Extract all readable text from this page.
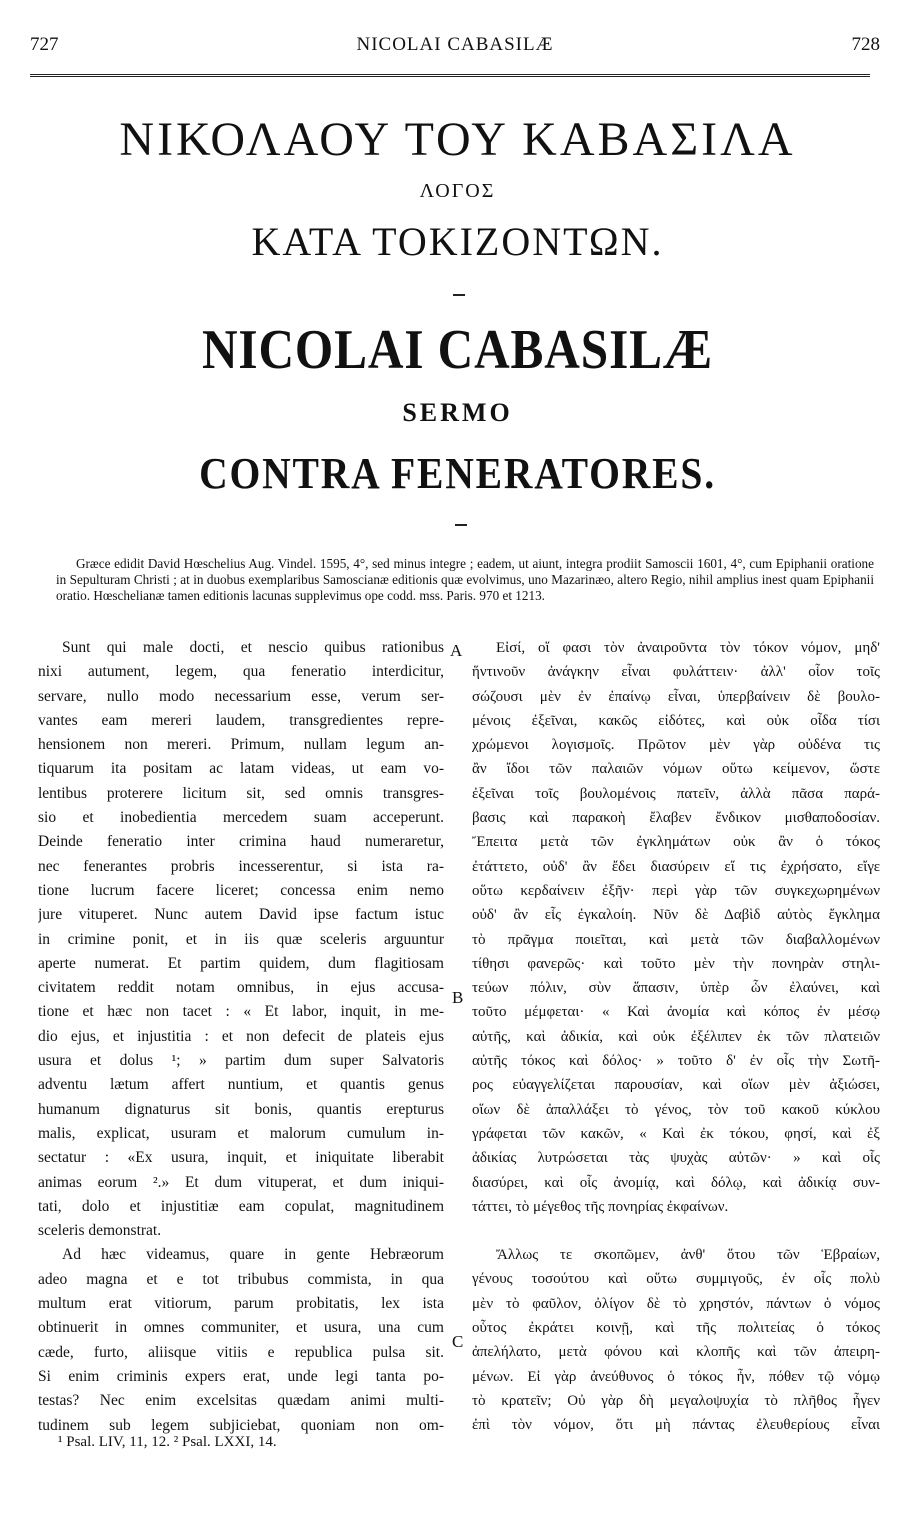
727	NICOLAI CABASILÆ	728
ΝΙΚΟΛΑΟΥ ΤΟΥ ΚΑΒΑΣΙΛΑ
ΛΟΓΟΣ
ΚΑΤΑ ΤΟΚΙΖΟΝΤΩΝ.
NICOLAI CABASILÆ
SERMO
CONTRA FENERATORES.
Græce edidit David Hœschelius Aug. Vindel. 1595, 4°, sed minus integre ; eadem, ut aiunt, integra prodiit Samoscii 1601, 4°, cum Epiphanii oratione in Sepulturam Christi ; at in duobus exemplaribus Samoscianæ editionis quæ evolvimus, uno Mazarinæo, altero Regio, nihil amplius inest quam Epiphanii oratio. Hœschelianæ tamen editionis lacunas supplevimus ope codd. mss. Paris. 970 et 1213.
Sunt qui male docti, et nescio quibus rationibus
nixi autument, legem, qua feneratio interdicitur,
servare, nullo modo necessarium esse, verum ser-
vantes eam mereri laudem, transgredientes repre-
hensionem non mereri. Primum, nullam legum an-
tiquarum ita positam ac latam videas, ut eam vo-
lentibus proterere licitum sit, sed omnis transgres-
sio et inobedientia mercedem suam acceperunt.
Deinde feneratio inter crimina haud numeraretur,
nec fenerantes probris incesserentur, si ista ra-
tione lucrum facere liceret; concessa enim nemo
jure vituperet. Nunc autem David ipse factum istuc
in crimine ponit, et in iis quæ sceleris arguuntur
aperte numerat. Et partim quidem, dum flagitiosam
civitatem reddit notam omnibus, in ejus accusa-
tione et hæc non tacet : « Et labor, inquit, in me-
dio ejus, et injustitia : et non defecit de plateis ejus
usura et dolus ¹; » partim dum super Salvatoris
adventu lætum affert nuntium, et quantis genus
humanum dignaturus sit bonis, quantis erepturus
malis, explicat, usuram et malorum cumulum in-
sectatur : «Ex usura, inquit, et iniquitate liberabit
animas eorum ².» Et dum vituperat, et dum iniqui-
tati, dolo et injustitiæ eam copulat, magnitudinem
sceleris demonstrat.
Ad hæc videamus, quare in gente Hebræorum
adeo magna et e tot tribubus commista, in qua
multum erat vitiorum, parum probitatis, lex ista
obtinuerit in omnes communiter, et usura, una cum
cæde, furto, aliisque vitiis e republica pulsa sit.
Si enim criminis expers erat, unde legi tanta po-
testas? Nec enim excelsitas quædam animi multi-
tudinem sub legem subjiciebat, quoniam non om-
A
B
C
Εἰσί, οἵ φασι τὸν ἀναιροῦντα τὸν τόκον νόμον, μηδ'
ἥντινοῦν ἀνάγκην εἶναι φυλάττειν· ἀλλ' οἷον τοῖς
σώζουσι μὲν ἐν ἐπαίνῳ εἶναι, ὑπερβαίνειν δὲ βουλο-
μένοις ἐξεῖναι, κακῶς εἰδότες, καὶ οὐκ οἶδα τίσι
χρώμενοι λογισμοῖς. Πρῶτον μὲν γὰρ οὐδένα τις
ἂν ἴδοι τῶν παλαιῶν νόμων οὕτω κείμενον, ὥστε
ἐξεῖναι τοῖς βουλομένοις πατεῖν, ἀλλὰ πᾶσα παρά-
βασις καὶ παρακοὴ ἔλαβεν ἔνδικον μισθαποδοσίαν.
Ἔπειτα μετὰ τῶν ἐγκλημάτων οὐκ ἂν ὁ τόκος
ἐτάττετο, οὐδ' ἂν ἔδει διασύρειν εἴ τις ἐχρήσατο, εἴγε
οὕτω κερδαίνειν ἐξῆν· περὶ γὰρ τῶν συγκεχωρημένων
οὐδ' ἂν εἷς ἐγκαλοίη. Νῦν δὲ Δαβὶδ αὐτὸς ἔγκλημα
τὸ πρᾶγμα ποιεῖται, καὶ μετὰ τῶν διαβαλλομένων
τίθησι φανερῶς· καὶ τοῦτο μὲν τὴν πονηρὰν στηλι-
τεύων πόλιν, σὺν ἅπασιν, ὑπὲρ ὧν ἐλαύνει, καὶ
τοῦτο μέμφεται· « Καὶ ἀνομία καὶ κόπος ἐν μέσῳ
αὐτῆς, καὶ ἀδικία, καὶ οὐκ ἐξέλιπεν ἐκ τῶν πλατειῶν
αὐτῆς τόκος καὶ δόλος· » τοῦτο δ' ἐν οἷς τὴν Σωτῆ-
ρος εὐαγγελίζεται παρουσίαν, καὶ οἵων μὲν ἀξιώσει,
οἵων δὲ ἀπαλλάξει τὸ γένος, τὸν τοῦ κακοῦ κύκλου
γράφεται τῶν κακῶν, « Καὶ ἐκ τόκου, φησί, καὶ ἐξ
ἀδικίας λυτρώσεται τὰς ψυχὰς αὐτῶν· » καὶ οἷς
διασύρει, καὶ οἷς ἀνομίᾳ, καὶ δόλῳ, καὶ ἀδικίᾳ συν-
τάττει, τὸ μέγεθος τῆς πονηρίας ἐκφαίνων.
Ἄλλως τε σκοπῶμεν, ἀνθ' ὅτου τῶν Ἑβραίων,
γένους τοσούτου καὶ οὕτω συμμιγοῦς, ἐν οἷς πολὺ
μὲν τὸ φαῦλον, ὀλίγον δὲ τὸ χρηστόν, πάντων ὁ νόμος
οὗτος ἐκράτει κοινῇ, καὶ τῆς πολιτείας ὁ τόκος
ἀπελήλατο, μετὰ φόνου καὶ κλοπῆς καὶ τῶν ἀπειρη-
μένων. Εἰ γὰρ ἀνεύθυνος ὁ τόκος ἦν, πόθεν τῷ νόμῳ
τὸ κρατεῖν; Οὐ γὰρ δὴ μεγαλοψυχία τὸ πλῆθος ἦγεν
ἐπὶ τὸν νόμον, ὅτι μὴ πάντας ἐλευθερίους εἶναι
¹ Psal. LIV, 11, 12. ² Psal. LXXI, 14.
